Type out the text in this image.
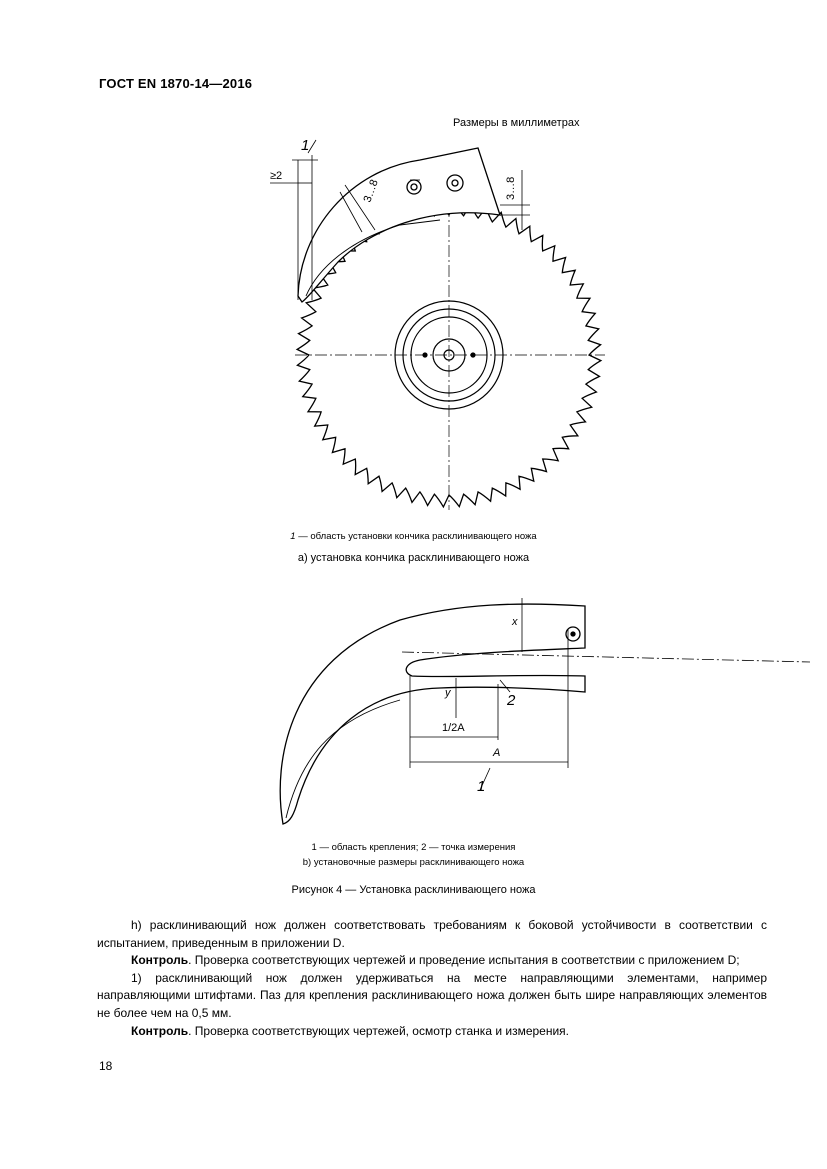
ГОСТ EN 1870-14—2016
Размеры в миллиметрах
1
≥2
3…8	3…8
x
y
1/2A
A
1
2
1 — область установки кончика расклинивающего ножа
а) установка кончика расклинивающего ножа
1 — область крепления; 2 — точка измерения
b) установочные размеры расклинивающего ножа
Рисунок 4 — Установка расклинивающего ножа

h) расклинивающий нож должен соответствовать требованиям к боковой устойчивости в соответствии с испытанием, приведенным в приложении D.

Контроль. Проверка соответствующих чертежей и проведение испытания в соответствии с приложением D;

1) расклинивающий нож должен удерживаться на месте направляющими элементами, например направляющими штифтами. Паз для крепления расклинивающего ножа должен быть шире направляющих элементов не более чем на 0,5 мм.

Контроль. Проверка соответствующих чертежей, осмотр станка и измерения.

18
